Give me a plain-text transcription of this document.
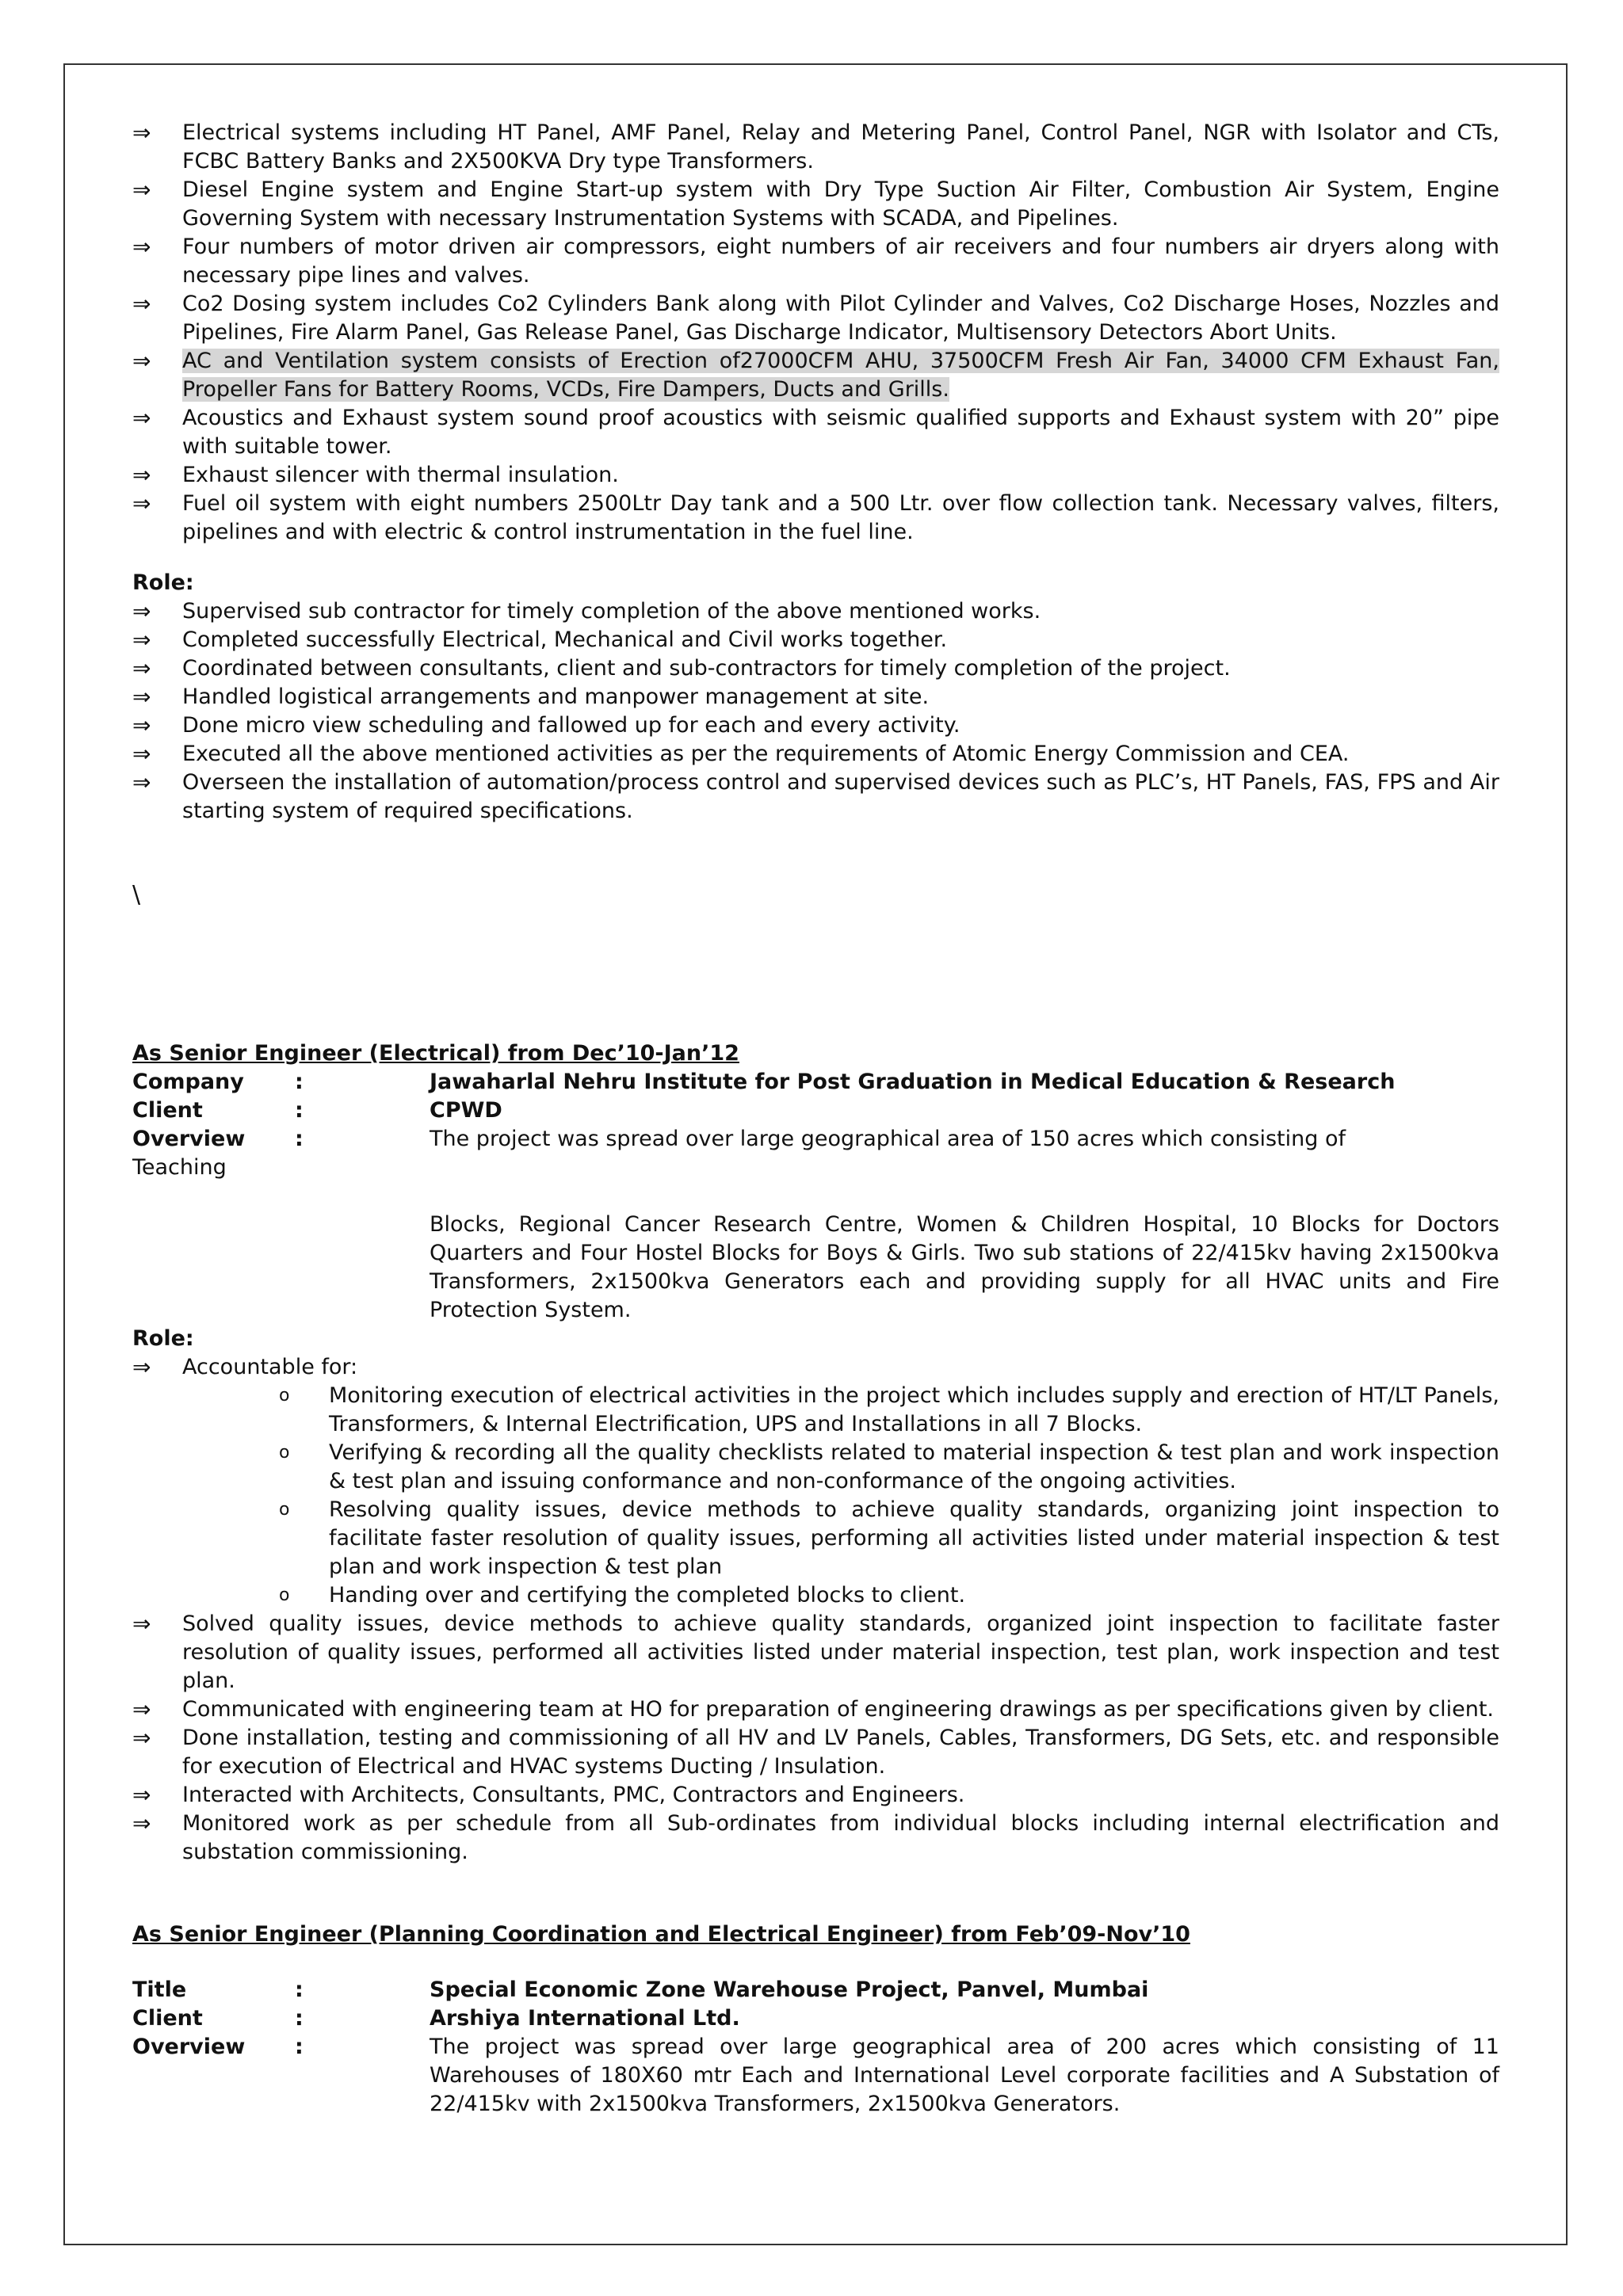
⇒	Electrical systems including HT Panel, AMF Panel, Relay and Metering Panel, Control Panel, NGR with Isolator and CTs, FCBC Battery Banks and 2X500KVA Dry type Transformers.
⇒	Diesel Engine system and Engine Start-up system with Dry Type Suction Air Filter, Combustion Air System, Engine Governing System with necessary Instrumentation Systems with SCADA, and Pipelines.
⇒	Four numbers of motor driven air compressors, eight numbers of air receivers and four numbers air dryers along with necessary pipe lines and valves.
⇒	Co2 Dosing system includes Co2 Cylinders Bank along with Pilot Cylinder and Valves, Co2 Discharge Hoses, Nozzles and Pipelines, Fire Alarm Panel, Gas Release Panel, Gas Discharge Indicator, Multisensory Detectors Abort Units.
⇒	AC and Ventilation system consists of Erection of27000CFM AHU, 37500CFM Fresh Air Fan, 34000 CFM Exhaust Fan, Propeller Fans for Battery Rooms, VCDs, Fire Dampers, Ducts and Grills.
⇒	Acoustics and Exhaust system sound proof acoustics with seismic qualified supports and Exhaust system with 20” pipe with suitable tower.
⇒	Exhaust silencer with thermal insulation.
⇒	Fuel oil system with eight numbers 2500Ltr Day tank and a 500 Ltr. over flow collection tank. Necessary valves, filters, pipelines and with electric & control instrumentation in the fuel line.
Role:
⇒	Supervised sub contractor for timely completion of the above mentioned works.
⇒	Completed successfully Electrical, Mechanical and Civil works together.
⇒	Coordinated between consultants, client and sub-contractors for timely completion of the project.
⇒	Handled logistical arrangements and manpower management at site.
⇒	Done micro view scheduling and fallowed up for each and every activity.
⇒	Executed all the above mentioned activities as per the requirements of Atomic Energy Commission and CEA.
⇒	Overseen the installation of automation/process control and supervised devices such as PLC’s, HT Panels, FAS, FPS and Air starting system of required specifications.
\
As Senior Engineer (Electrical) from Dec’10-Jan’12
Company	:	Jawaharlal Nehru Institute for Post Graduation in Medical Education & Research
Client	:	CPWD
Overview	:	The project was spread over large geographical area of 150 acres which consisting of
Teaching
Blocks, Regional Cancer Research Centre, Women & Children Hospital, 10 Blocks for Doctors Quarters and Four Hostel Blocks for Boys & Girls. Two sub stations of 22/415kv having 2x1500kva Transformers, 2x1500kva Generators each and providing supply for all HVAC units and Fire Protection System.
Role:
⇒	Accountable for:
o	Monitoring execution of electrical activities in the project which includes supply and erection of HT/LT Panels, Transformers, & Internal Electrification, UPS and Installations in all 7 Blocks.
o	Verifying & recording all the quality checklists related to material inspection & test plan and work inspection & test plan and issuing conformance and non-conformance of the ongoing activities.
o	Resolving quality issues, device methods to achieve quality standards, organizing joint inspection to facilitate faster resolution of quality issues, performing all activities listed under material inspection & test plan and work inspection & test plan
o	Handing over and certifying the completed blocks to client.
⇒	Solved quality issues, device methods to achieve quality standards, organized joint inspection to facilitate faster resolution of quality issues, performed all activities listed under material inspection, test plan, work inspection and test plan.
⇒	Communicated with engineering team at HO for preparation of engineering drawings as per specifications given by client.
⇒	Done installation, testing and commissioning of all HV and LV Panels, Cables, Transformers, DG Sets, etc. and responsible for execution of Electrical and HVAC systems Ducting / Insulation.
⇒	Interacted with Architects, Consultants, PMC, Contractors and Engineers.
⇒	Monitored work as per schedule from all Sub-ordinates from individual blocks including internal electrification and substation commissioning.
As Senior Engineer (Planning Coordination and Electrical Engineer) from Feb’09-Nov’10
Title	:	Special Economic Zone Warehouse Project, Panvel, Mumbai
Client	:	Arshiya International Ltd.
Overview	:	The project was spread over large geographical area of 200 acres which consisting of 11 Warehouses of 180X60 mtr Each and International Level corporate facilities and A Substation of 22/415kv with 2x1500kva Transformers, 2x1500kva Generators.
